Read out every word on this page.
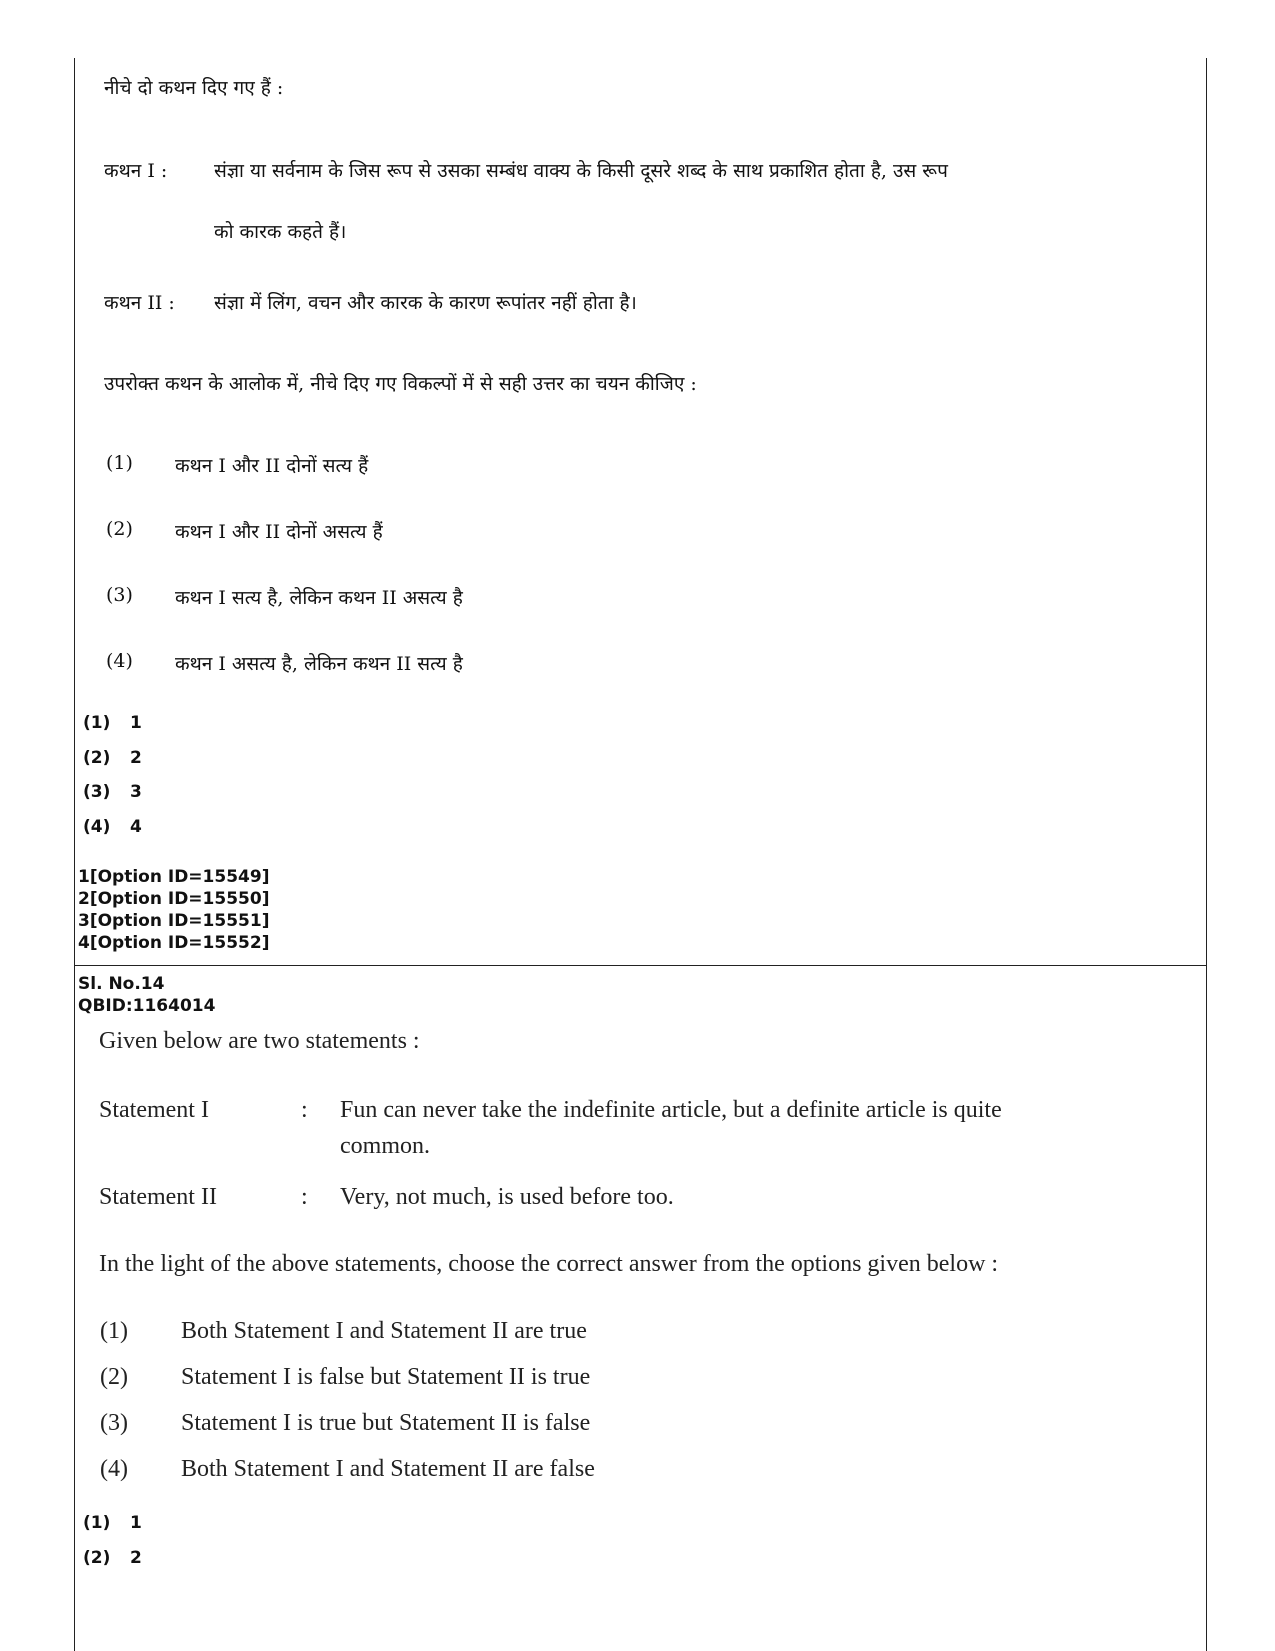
नीचे दो कथन दिए गए हैं :
कथन I : संज्ञा या सर्वनाम के जिस रूप से उसका सम्बंध वाक्य के किसी दूसरे शब्द के साथ प्रकाशित होता है, उस रूप
को कारक कहते हैं।
कथन II : संज्ञा में लिंग, वचन और कारक के कारण रूपांतर नहीं होता है।
उपरोक्त कथन के आलोक में, नीचे दिए गए विकल्पों में से सही उत्तर का चयन कीजिए :
(1) कथन I और II दोनों सत्य हैं
(2) कथन I और II दोनों असत्य हैं
(3) कथन I सत्य है, लेकिन कथन II असत्य है
(4) कथन I असत्य है, लेकिन कथन II सत्य है
(1) 1
(2) 2
(3) 3
(4) 4
1[Option ID=15549]
2[Option ID=15550]
3[Option ID=15551]
4[Option ID=15552]
Sl. No.14
QBID:1164014
Given below are two statements :
Statement I	: Fun can never take the indefinite article, but a definite article is quite
common.
Statement II	: Very, not much, is used before too.
In the light of the above statements, choose the correct answer from the options given below :
(1) Both Statement I and Statement II are true
(2) Statement I is false but Statement II is true
(3) Statement I is true but Statement II is false
(4) Both Statement I and Statement II are false
(1) 1
(2) 2
